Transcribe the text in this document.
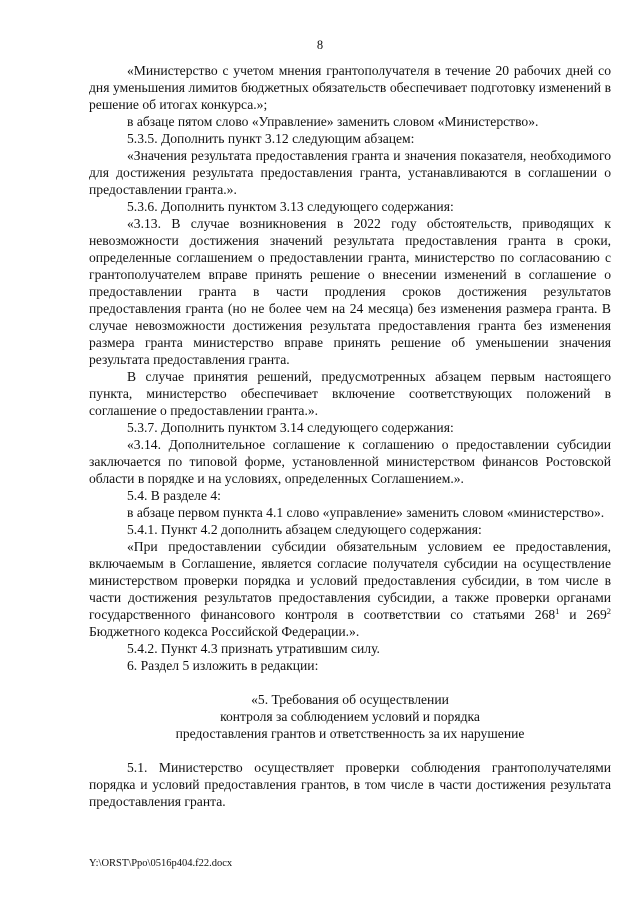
8

«Министерство с учетом мнения грантополучателя в течение 20 рабочих дней со дня уменьшения лимитов бюджетных обязательств обеспечивает подготовку изменений в решение об итогах конкурса.»;

в абзаце пятом слово «Управление» заменить словом «Министерство».

5.3.5. Дополнить пункт 3.12 следующим абзацем:

«Значения результата предоставления гранта и значения показателя, необходимого для достижения результата предоставления гранта, устанавливаются в соглашении о предоставлении гранта.».

5.3.6. Дополнить пунктом 3.13 следующего содержания:

«3.13. В случае возникновения в 2022 году обстоятельств, приводящих к невозможности достижения значений результата предоставления гранта в сроки, определенные соглашением о предоставлении гранта, министерство по согласованию с грантополучателем вправе принять решение о внесении изменений в соглашение о предоставлении гранта в части продления сроков достижения результатов предоставления гранта (но не более чем на 24 месяца) без изменения размера гранта. В случае невозможности достижения результата предоставления гранта без изменения размера гранта министерство вправе принять решение об уменьшении значения результата предоставления гранта.

В случае принятия решений, предусмотренных абзацем первым настоящего пункта, министерство обеспечивает включение соответствующих положений в соглашение о предоставлении гранта.».

5.3.7. Дополнить пунктом 3.14 следующего содержания:

«3.14. Дополнительное соглашение к соглашению о предоставлении субсидии заключается по типовой форме, установленной министерством финансов Ростовской области в порядке и на условиях, определенных Соглашением.».

5.4. В разделе 4:

в абзаце первом пункта 4.1 слово «управление» заменить словом «министерство».

5.4.1. Пункт 4.2 дополнить абзацем следующего содержания:

«При предоставлении субсидии обязательным условием ее предоставления, включаемым в Соглашение, является согласие получателя субсидии на осуществление министерством проверки порядка и условий предоставления субсидии, в том числе в части достижения результатов предоставления субсидии, а также проверки органами государственного финансового контроля в соответствии со статьями $268^1$ и $269^2$ Бюджетного кодекса Российской Федерации.».

5.4.2. Пункт 4.3 признать утратившим силу.

6. Раздел 5 изложить в редакции:

«5. Требования об осуществлении

контроля за соблюдением условий и порядка

предоставления грантов и ответственность за их нарушение

5.1. Министерство осуществляет проверки соблюдения грантополучателями порядка и условий предоставления грантов, в том числе в части достижения результата предоставления гранта.

Y:\ORST\Ppo\0516p404.f22.docx
